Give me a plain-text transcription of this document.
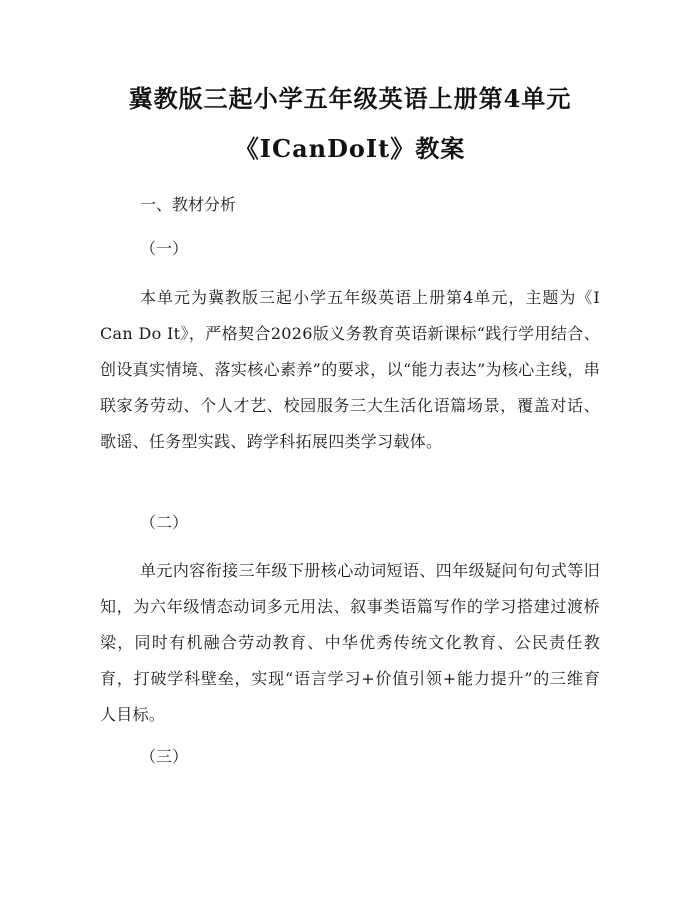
冀教版三起小学五年级英语上册第4单元
《ICanDoIt》教案
一、教材分析
（一）
本单元为冀教版三起小学五年级英语上册第4单元，主题为《I Can Do It》，严格契合2026版义务教育英语新课标“践行学用结合、创设真实情境、落实核心素养”的要求，以“能力表达”为核心主线，串联家务劳动、个人才艺、校园服务三大生活化语篇场景，覆盖对话、歌谣、任务型实践、跨学科拓展四类学习载体。
（二）
单元内容衔接三年级下册核心动词短语、四年级疑问句句式等旧知，为六年级情态动词多元用法、叙事类语篇写作的学习搭建过渡桥梁，同时有机融合劳动教育、中华优秀传统文化教育、公民责任教育，打破学科壁垒，实现“语言学习+价值引领+能力提升”的三维育人目标。
（三）
